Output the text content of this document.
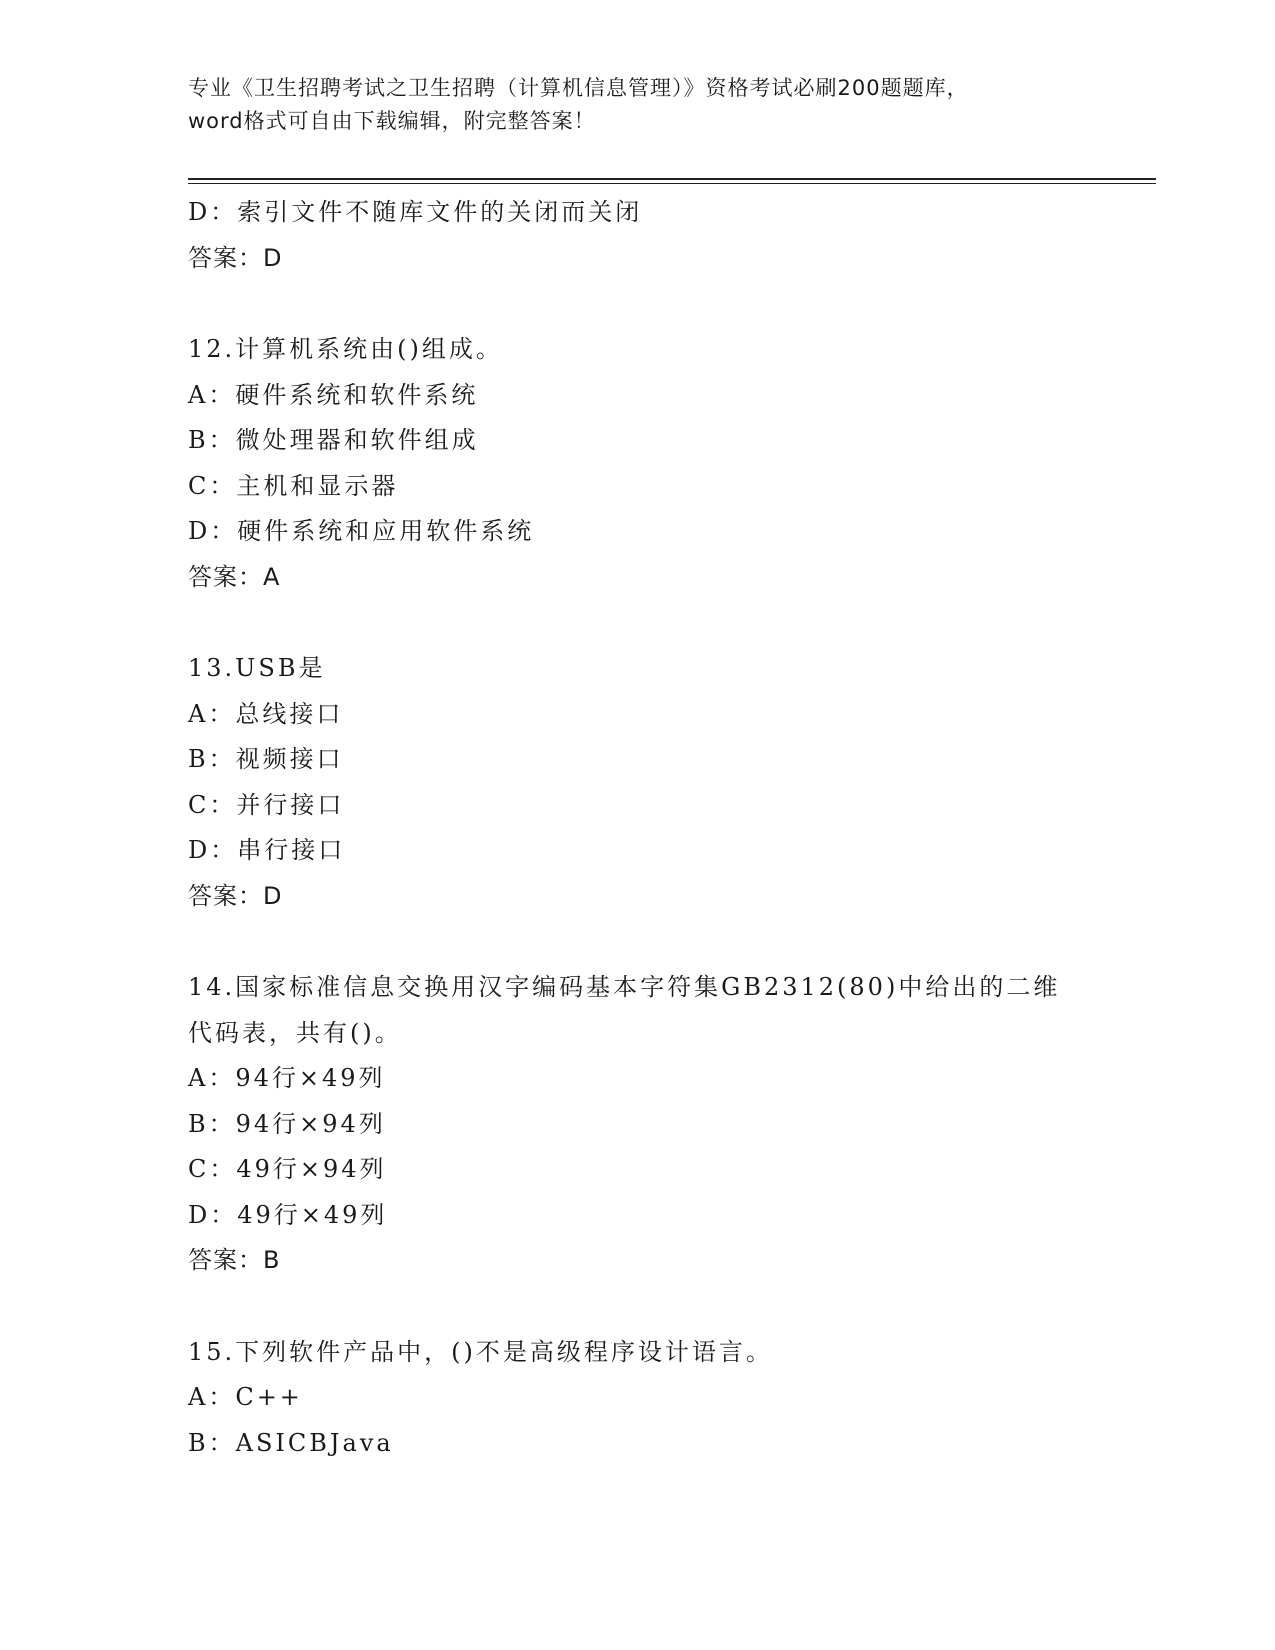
专业《卫生招聘考试之卫生招聘（计算机信息管理）》资格考试必刷200题题库，
word格式可自由下载编辑，附完整答案！
D：索引文件不随库文件的关闭而关闭
答案：D
12.计算机系统由()组成。
A：硬件系统和软件系统
B：微处理器和软件组成
C：主机和显示器
D：硬件系统和应用软件系统
答案：A
13.USB是
A：总线接口
B：视频接口
C：并行接口
D：串行接口
答案：D
14.国家标准信息交换用汉字编码基本字符集GB2312(80)中给出的二维
代码表，共有()。
A：94行×49列
B：94行×94列
C：49行×94列
D：49行×49列
答案：B
15.下列软件产品中，()不是高级程序设计语言。
A：C++
B：ASICBJava
